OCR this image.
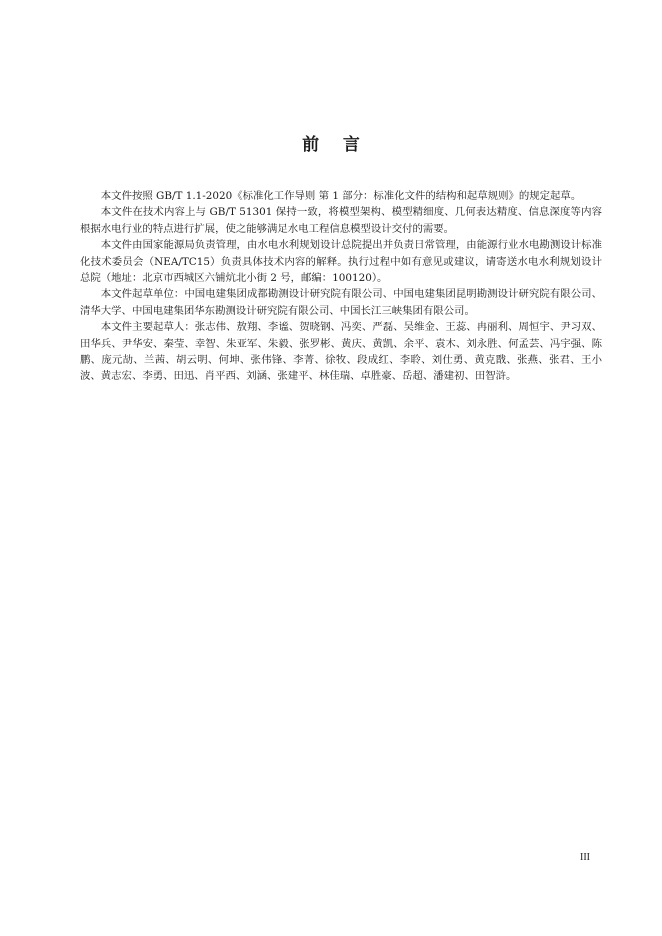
前    言

本文件按照 GB/T 1.1-2020《标准化工作导则 第 1 部分：标准化文件的结构和起草规则》的规定起草。

本文件在技术内容上与 GB/T 51301 保持一致，将模型架构、模型精细度、几何表达精度、信息深度等内容根据水电行业的特点进行扩展，使之能够满足水电工程信息模型设计交付的需要。

本文件由国家能源局负责管理，由水电水利规划设计总院提出并负责日常管理，由能源行业水电勘测设计标准化技术委员会（NEA/TC15）负责具体技术内容的解释。执行过程中如有意见或建议，请寄送水电水利规划设计总院（地址：北京市西城区六铺炕北小街 2 号，邮编：100120）。

本文件起草单位：中国电建集团成都勘测设计研究院有限公司、中国电建集团昆明勘测设计研究院有限公司、清华大学、中国电建集团华东勘测设计研究院有限公司、中国长江三峡集团有限公司。

本文件主要起草人：张志伟、敖翔、李谧、贺晓钢、冯奕、严磊、吴维金、王蕊、冉丽利、周恒宇、尹习双、田华兵、尹华安、秦莹、幸智、朱亚军、朱毅、张罗彬、黄庆、黄凯、余平、袁木、刘永胜、何孟芸、冯宇强、陈鹏、庞元劼、兰茜、胡云明、何坤、张伟锋、李菁、徐牧、段成红、李聆、刘仕勇、黄克戬、张燕、张君、王小波、黄志宏、李勇、田迅、肖平西、刘涵、张建平、林佳瑞、卓胜豪、岳超、潘建初、田智浒。

III
